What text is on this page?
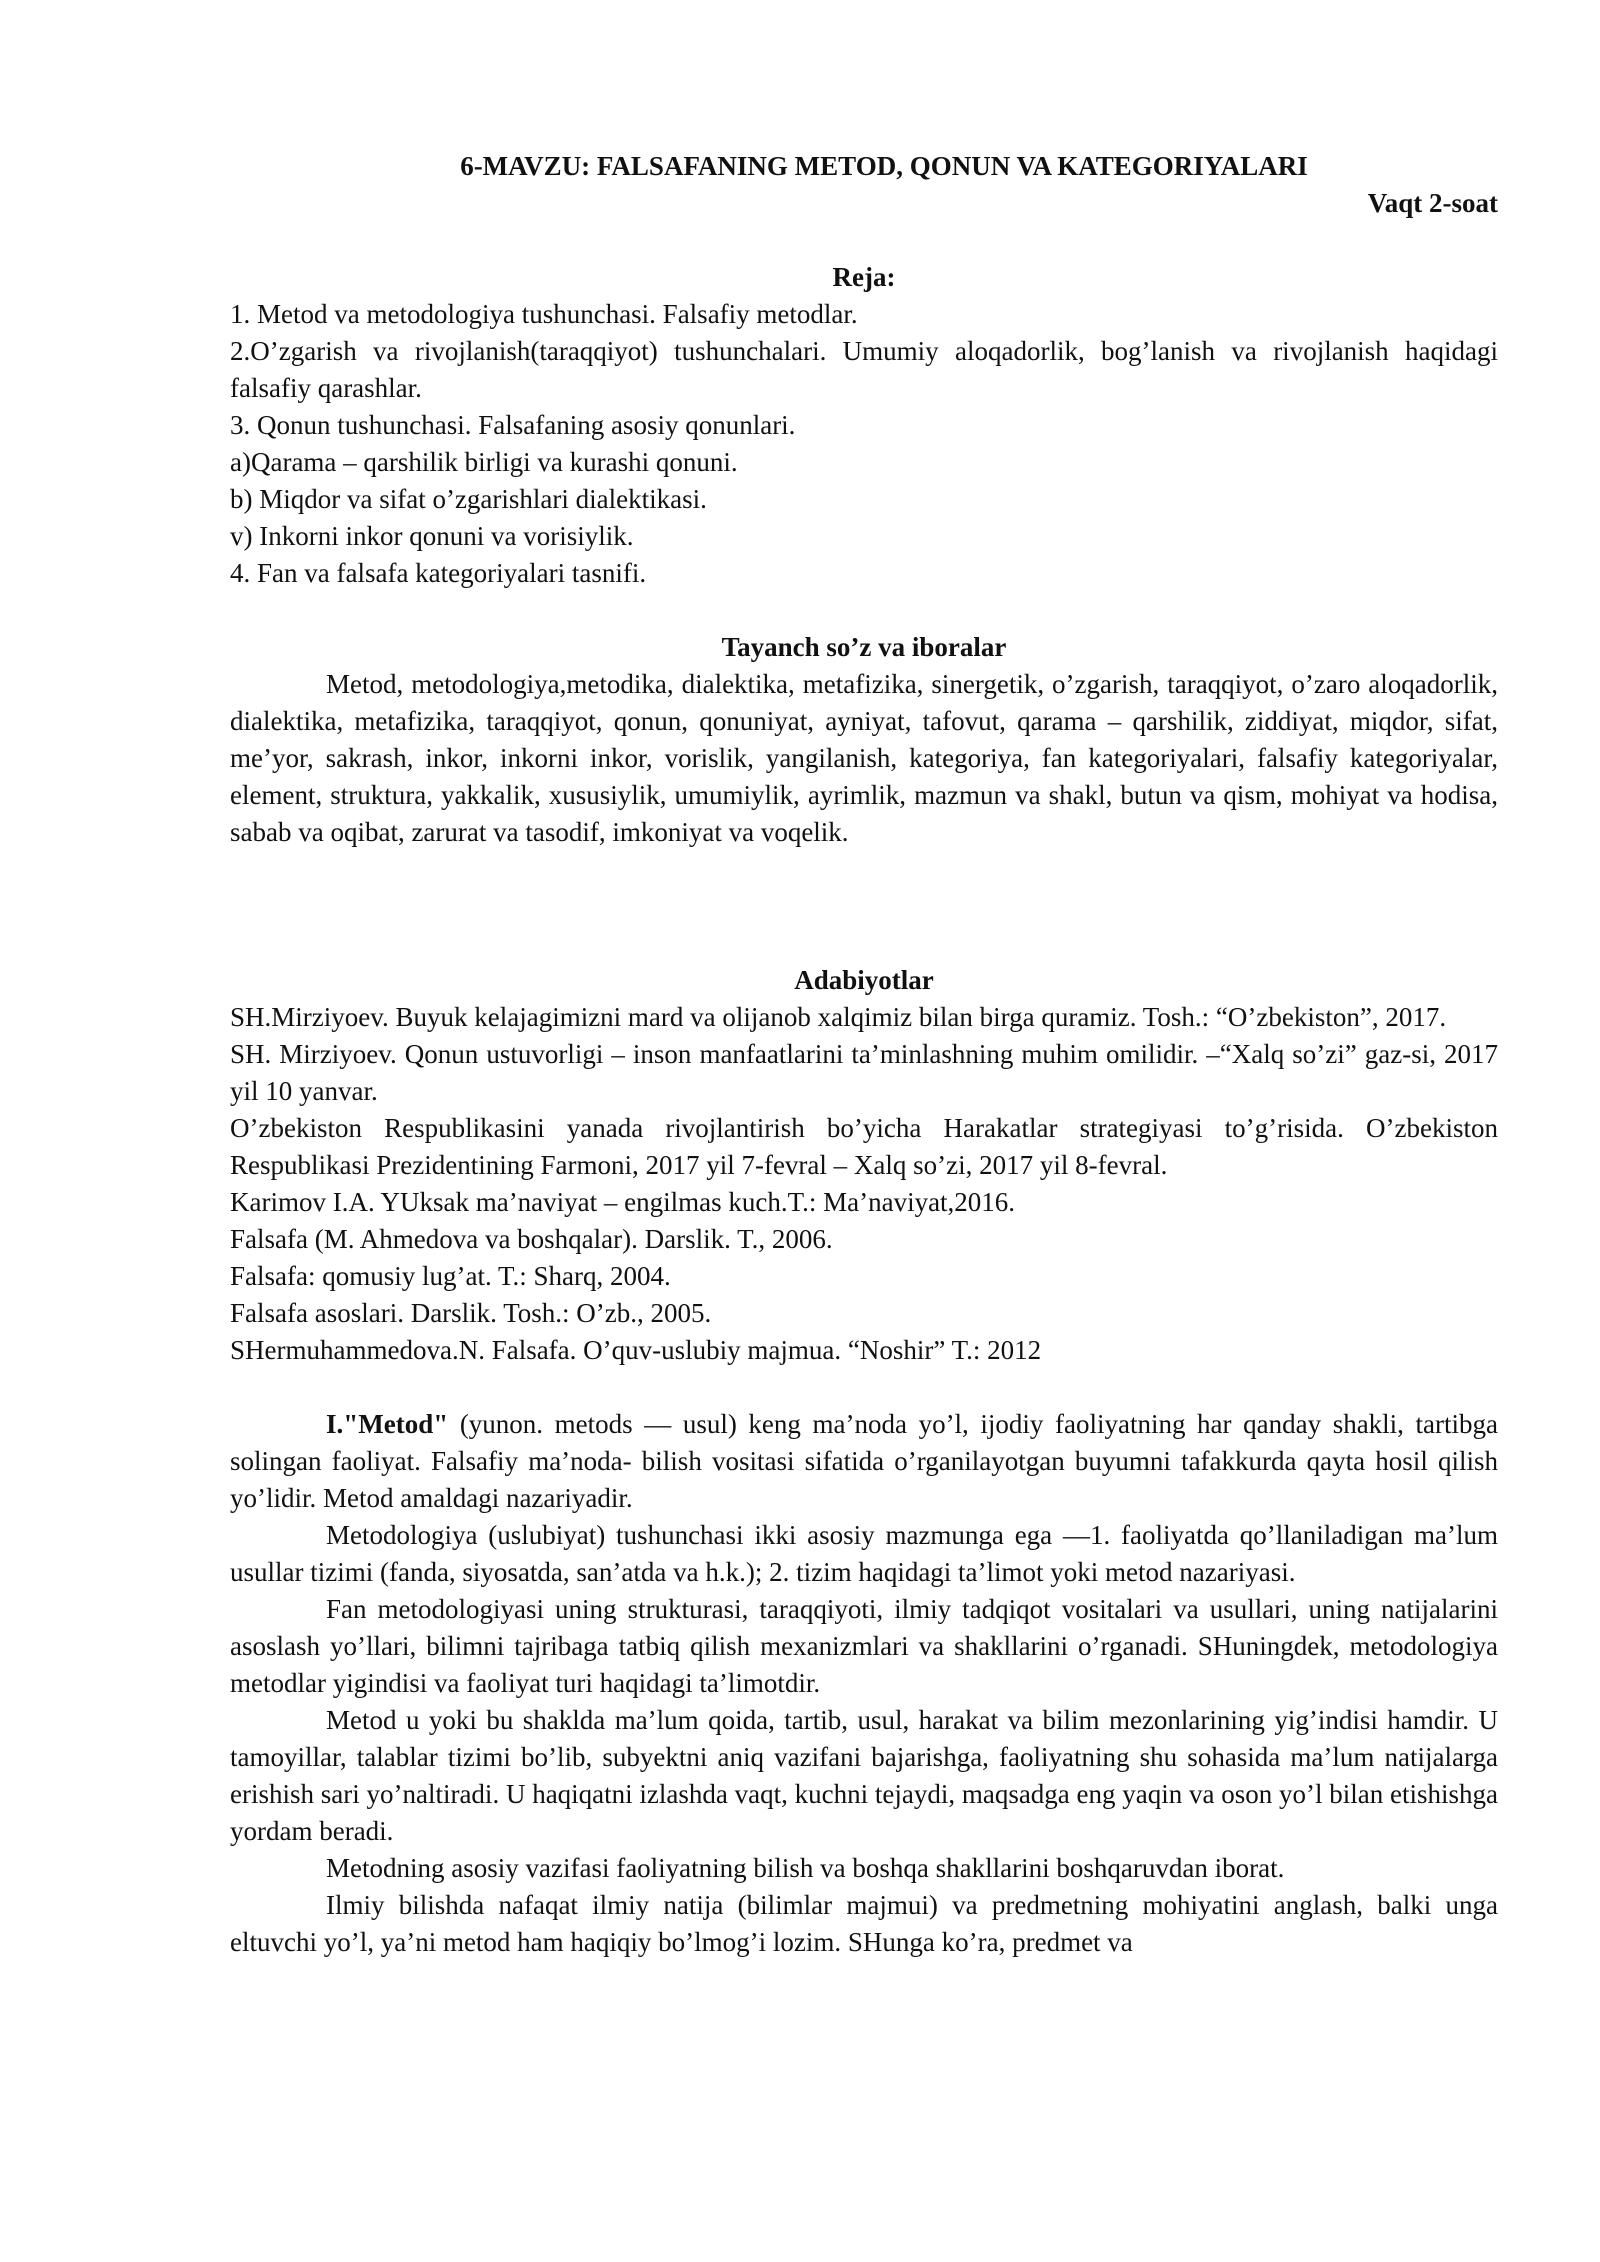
6-MAVZU: FALSAFANING METOD, QONUN VA KATEGORIYALARI

Vaqt 2-soat

Reja:

1. Metod va metodologiya tushunchasi. Falsafiy metodlar.

2.O’zgarish va rivojlanish(taraqqiyot) tushunchalari. Umumiy aloqadorlik, bog’lanish va rivojlanish haqidagi falsafiy qarashlar.

3. Qonun tushunchasi. Falsafaning asosiy qonunlari.

a)Qarama – qarshilik birligi va kurashi qonuni.

b) Miqdor va sifat o’zgarishlari dialektikasi.

v) Inkorni inkor qonuni va vorisiylik.

4. Fan va falsafa kategoriyalari tasnifi.

Tayanch so’z va iboralar

Metod, metodologiya,metodika, dialektika, metafizika, sinergetik, o’zgarish, taraqqiyot, o’zaro aloqadorlik, dialektika, metafizika, taraqqiyot, qonun, qonuniyat, ayniyat, tafovut, qarama – qarshilik, ziddiyat, miqdor, sifat, me’yor, sakrash, inkor, inkorni inkor, vorislik, yangilanish, kategoriya, fan kategoriyalari, falsafiy kategoriyalar, element, struktura, yakkalik, xususiylik, umumiylik, ayrimlik, mazmun va shakl, butun va qism, mohiyat va hodisa, sabab va oqibat, zarurat va tasodif, imkoniyat va voqelik.

Adabiyotlar

SH.Mirziyoev. Buyuk kelajagimizni mard va olijanob xalqimiz bilan birga quramiz. Tosh.: “O’zbekiston”, 2017.

SH. Mirziyoev. Qonun ustuvorligi – inson manfaatlarini ta’minlashning muhim omilidir. –“Xalq so’zi” gaz-si, 2017 yil 10 yanvar.

O’zbekiston Respublikasini yanada rivojlantirish bo’yicha Harakatlar strategiyasi to’g’risida. O’zbekiston Respublikasi Prezidentining Farmoni, 2017 yil 7-fevral – Xalq so’zi, 2017 yil 8-fevral.

Karimov I.A. YUksak ma’naviyat – engilmas kuch.T.: Ma’naviyat,2016.

Falsafa (M. Ahmedova va boshqalar). Darslik. T., 2006.

Falsafa: qomusiy lug’at. T.: Sharq, 2004.

Falsafa asoslari. Darslik. Tosh.: O’zb., 2005.

SHermuhammedova.N. Falsafa. O’quv-uslubiy majmua. “Noshir” T.: 2012

I."Metod" (yunon. metods — usul) keng ma’noda yo’l, ijodiy faoliyatning har qanday shakli, tartibga solingan faoliyat. Falsafiy ma’noda- bilish vositasi sifatida o’rganilayotgan buyumni tafakkurda qayta hosil qilish yo’lidir. Metod amaldagi nazariyadir.

Metodologiya (uslubiyat) tushunchasi ikki asosiy mazmunga ega —1. faoliyatda qo’llaniladigan ma’lum usullar tizimi (fanda, siyosatda, san’atda va h.k.); 2. tizim haqidagi ta’limot yoki metod nazariyasi.

Fan metodologiyasi uning strukturasi, taraqqiyoti, ilmiy tadqiqot vositalari va usullari, uning natijalarini asoslash yo’llari, bilimni tajribaga tatbiq qilish mexanizmlari va shakllarini o’rganadi. SHuningdek, metodologiya metodlar yigindisi va faoliyat turi haqidagi ta’limotdir.

Metod u yoki bu shaklda ma’lum qoida, tartib, usul, harakat va bilim mezonlarining yig’indisi hamdir. U tamoyillar, talablar tizimi bo’lib, subyektni aniq vazifani bajarishga, faoliyatning shu sohasida ma’lum natijalarga erishish sari yo’naltiradi. U haqiqatni izlashda vaqt, kuchni tejaydi, maqsadga eng yaqin va oson yo’l bilan etishishga yordam beradi.

Metodning asosiy vazifasi faoliyatning bilish va boshqa shakllarini boshqaruvdan iborat.

Ilmiy bilishda nafaqat ilmiy natija (bilimlar majmui) va predmetning mohiyatini anglash, balki unga eltuvchi yo’l, ya’ni metod ham haqiqiy bo’lmog’i lozim. SHunga ko’ra, predmet va
